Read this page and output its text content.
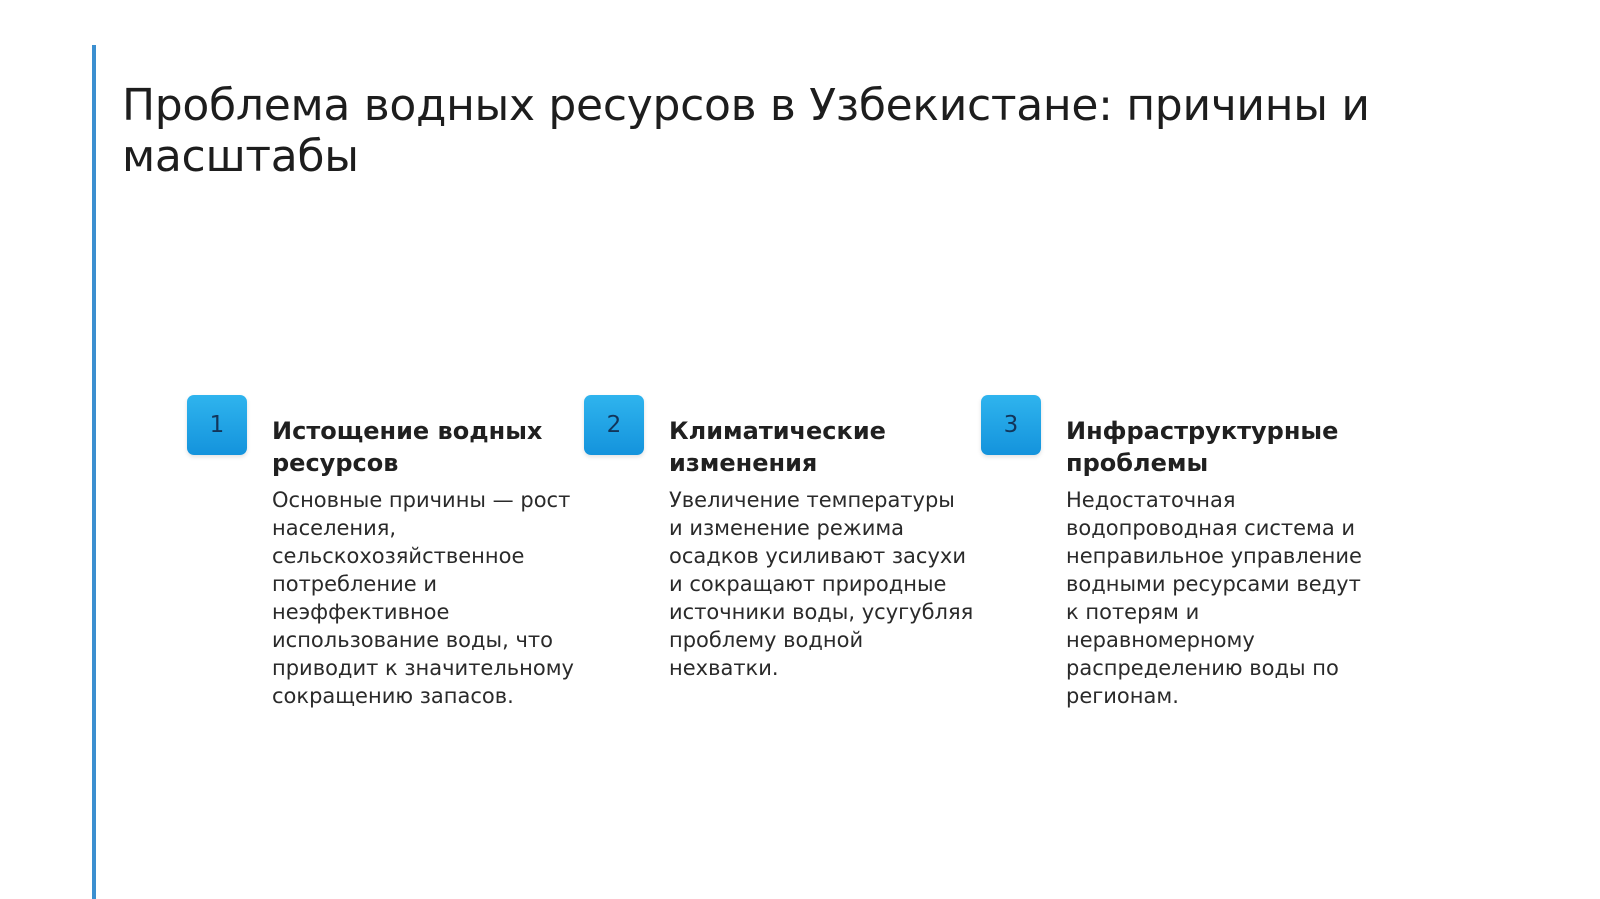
Проблема водных ресурсов в Узбекистане: причины и масштабы
1	Истощение водных ресурсов

Основные причины — рост населения, сельскохозяйственное потребление и неэффективное использование воды, что приводит к значительному сокращению запасов.

2	Климатические изменения

Увеличение температуры и изменение режима осадков усиливают засухи и сокращают природные источники воды, усугубляя проблему водной нехватки.

3	Инфраструктурные проблемы

Недостаточная водопроводная система и неправильное управление водными ресурсами ведут к потерям и неравномерному распределению воды по регионам.
